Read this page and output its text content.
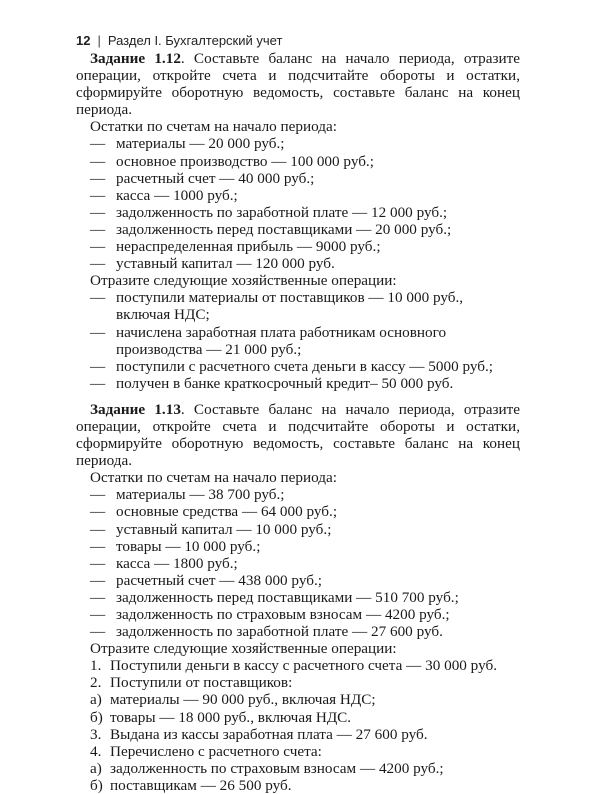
12 | Раздел I. Бухгалтерский учет

Задание 1.12. Составьте баланс на начало периода, отразите операции, откройте счета и подсчитайте обороты и остатки, сформируйте оборотную ведомость, составьте баланс на конец периода.

Остатки по счетам на начало периода:

— материалы — 20 000 руб.;
— основное производство — 100 000 руб.;
— расчетный счет — 40 000 руб.;
— касса — 1000 руб.;
— задолженность по заработной плате — 12 000 руб.;
— задолженность перед поставщиками — 20 000 руб.;
— нераспределенная прибыль — 9000 руб.;
— уставный капитал — 120 000 руб.

Отразите следующие хозяйственные операции:

— поступили материалы от поставщиков — 10 000 руб., включая НДС;
— начислена заработная плата работникам основного производства — 21 000 руб.;
— поступили с расчетного счета деньги в кассу — 5000 руб.;
— получен в банке краткосрочный кредит– 50 000 руб.

Задание 1.13. Составьте баланс на начало периода, отразите операции, откройте счета и подсчитайте обороты и остатки, сформируйте оборотную ведомость, составьте баланс на конец периода.

Остатки по счетам на начало периода:

— материалы — 38 700 руб.;
— основные средства — 64 000 руб.;
— уставный капитал — 10 000 руб.;
— товары — 10 000 руб.;
— касса — 1800 руб.;
— расчетный счет — 438 000 руб.;
— задолженность перед поставщиками — 510 700 руб.;
— задолженность по страховым взносам — 4200 руб.;
— задолженность по заработной плате — 27 600 руб.

Отразите следующие хозяйственные операции:

1. Поступили деньги в кассу с расчетного счета — 30 000 руб.
2. Поступили от поставщиков:
а) материалы — 90 000 руб., включая НДС;
б) товары — 18 000 руб., включая НДС.
3. Выдана из кассы заработная плата — 27 600 руб.
4. Перечислено с расчетного счета:
а) задолженность по страховым взносам — 4200 руб.;
б) поставщикам — 26 500 руб.
